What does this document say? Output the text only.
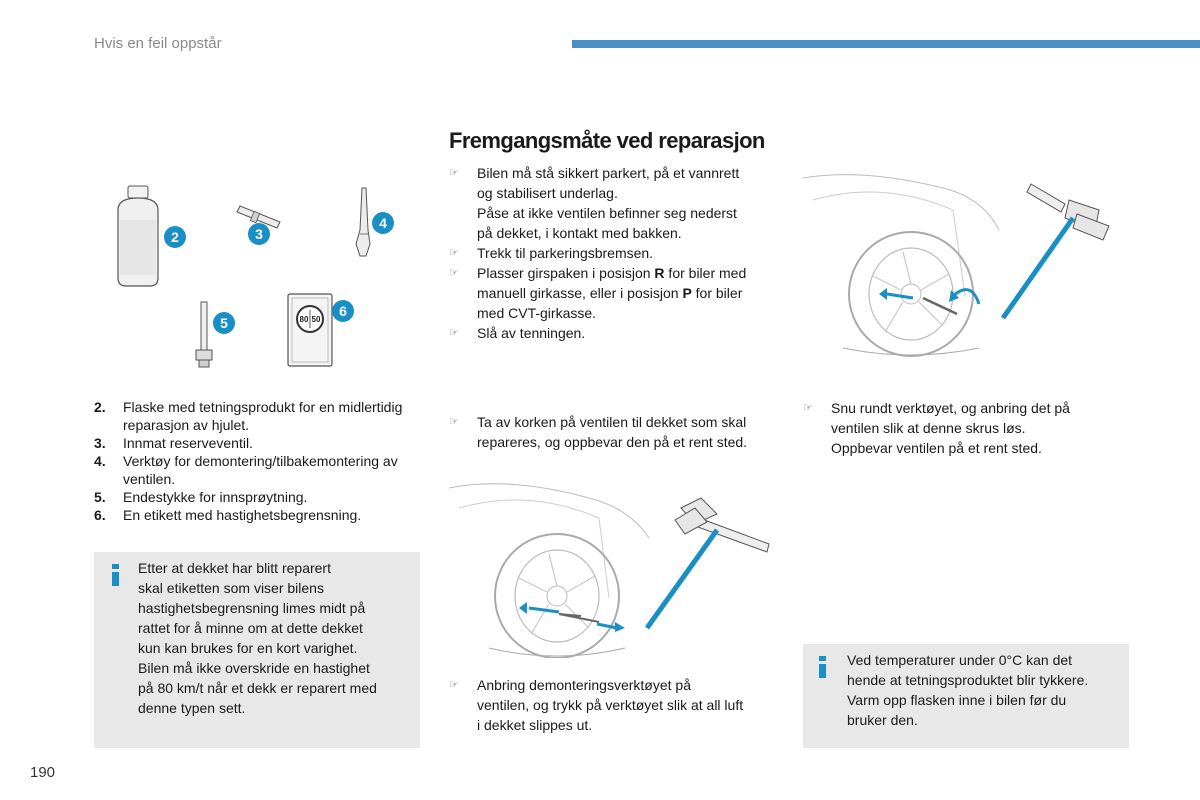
Hvis en feil oppstår
80 50
2	3
4
5
6
2.	Flaske med tetningsprodukt for en midlertidig reparasjon av hjulet.
3.	Innmat reserveventil.
4.	Verktøy for demontering/tilbakemontering av ventilen.
5.	Endestykke for innsprøytning.
6.	En etikett med hastighetsbegrensning.
Etter at dekket har blitt reparert
skal etiketten som viser bilens
hastighetsbegrensning limes midt på
rattet for å minne om at dette dekket
kun kan brukes for en kort varighet.
Bilen må ikke overskride en hastighet
på 80 km/t når et dekk er reparert med
denne typen sett.
Fremgangsmåte ved reparasjon
☞ Bilen må stå sikkert parkert, på et vannrett

og stabilisert underlag.

Påse at ikke ventilen befinner seg nederst

på dekket, i kontakt med bakken.

☞ Trekk til parkeringsbremsen.

☞ Plasser girspaken i posisjon R for biler med

manuell girkasse, eller i posisjon P for biler

med CVT-girkasse.

☞ Slå av tenningen.

☞ Ta av korken på ventilen til dekket som skal

repareres, og oppbevar den på et rent sted.

☞ Anbring demonteringsverktøyet på

ventilen, og trykk på verktøyet slik at all luft

i dekket slippes ut.

☞ Snu rundt verktøyet, og anbring det på

ventilen slik at denne skrus løs.

Oppbevar ventilen på et rent sted.

Ved temperaturer under 0°C kan det
hende at tetningsproduktet blir tykkere.
Varm opp flasken inne i bilen før du
bruker den.
190
